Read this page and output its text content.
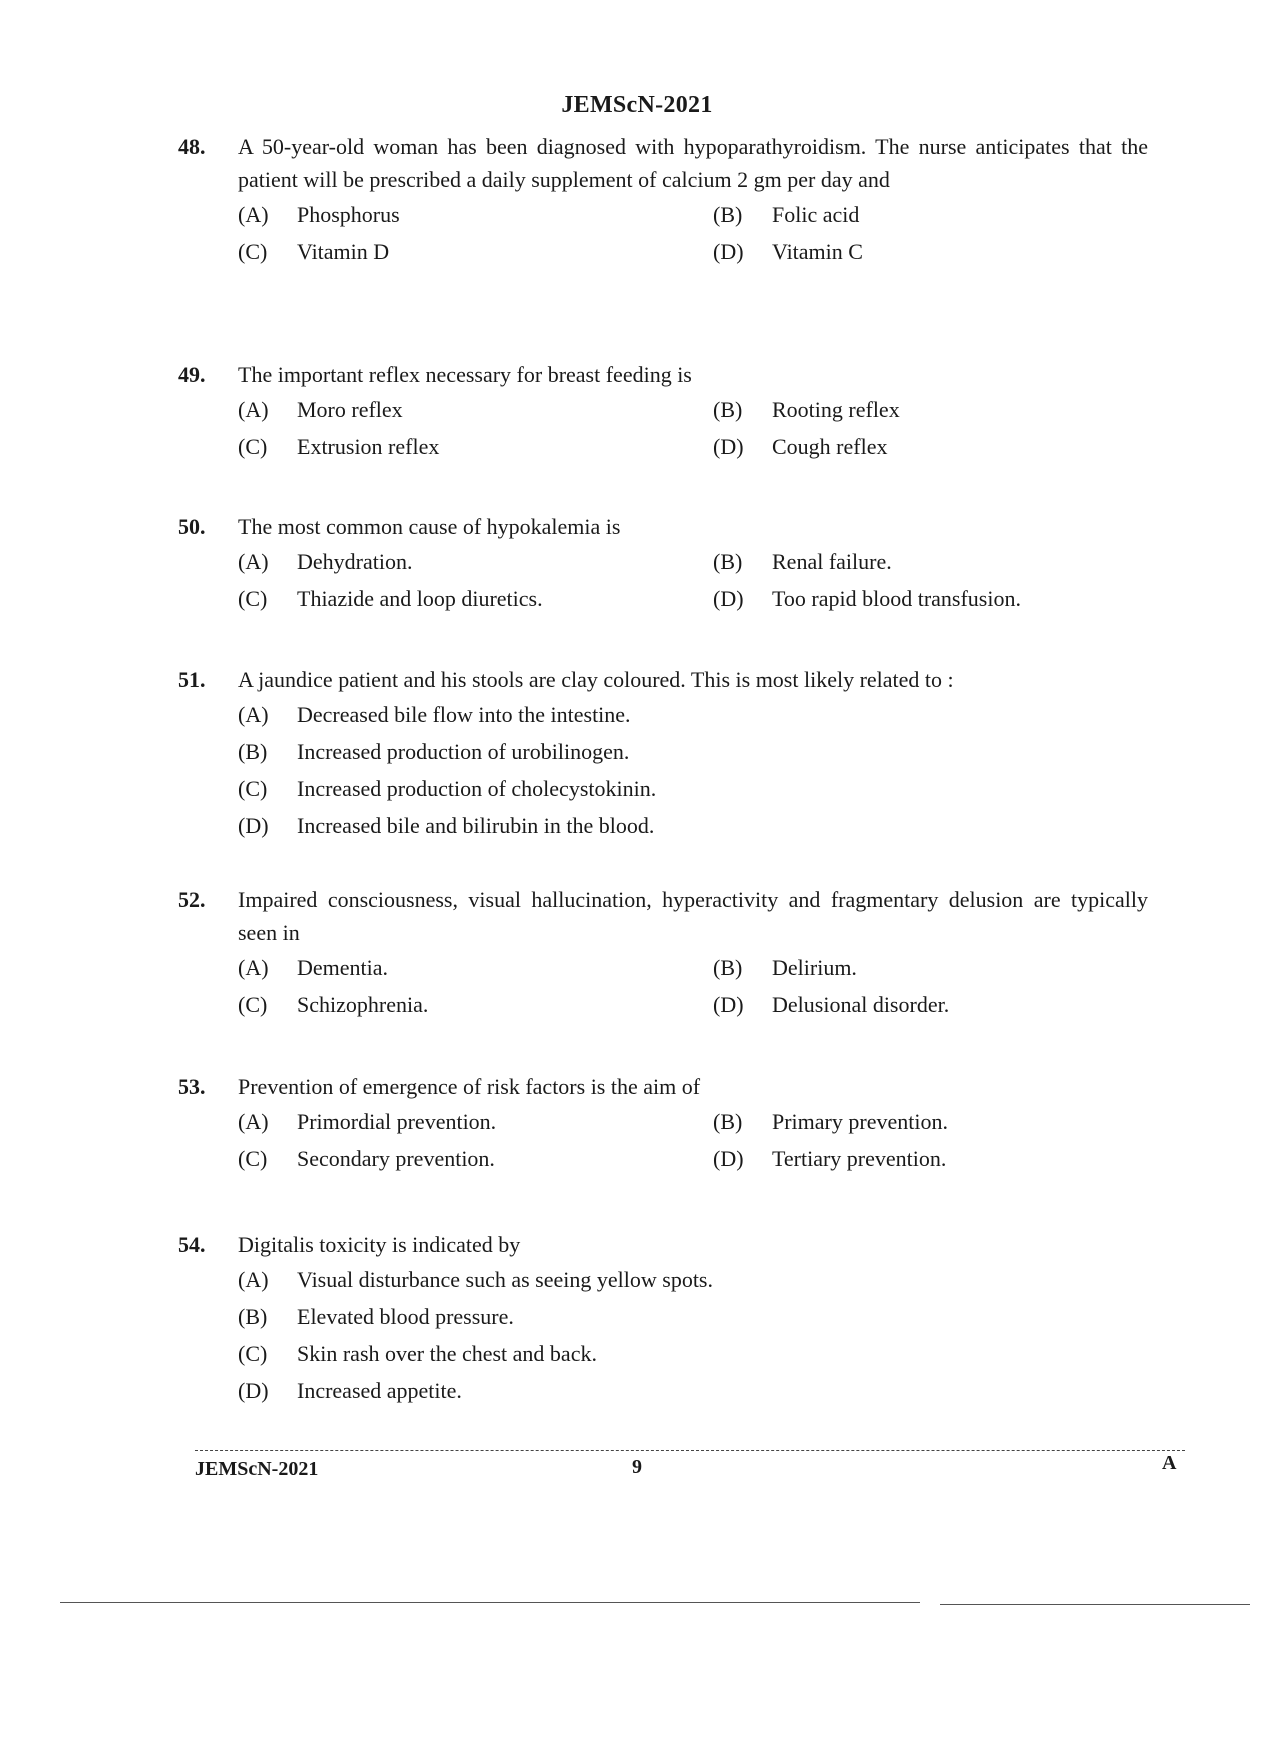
JEMScN-2021
48. A 50-year-old woman has been diagnosed with hypoparathyroidism. The nurse anticipates that the patient will be prescribed a daily supplement of calcium 2 gm per day and
(A)	Phosphorus	(B)	Folic acid
(C)	Vitamin D	(D)	Vitamin C
49. The important reflex necessary for breast feeding is
(A)	Moro reflex	(B)	Rooting reflex
(C)	Extrusion reflex	(D)	Cough reflex
50. The most common cause of hypokalemia is
(A)	Dehydration.	(B)	Renal failure.
(C)	Thiazide and loop diuretics.	(D)	Too rapid blood transfusion.
51. A jaundice patient and his stools are clay coloured. This is most likely related to :
(A)	Decreased bile flow into the intestine.
(B)	Increased production of urobilinogen.
(C)	Increased production of cholecystokinin.
(D)	Increased bile and bilirubin in the blood.
52. Impaired consciousness, visual hallucination, hyperactivity and fragmentary delusion are typically seen in
(A)	Dementia.	(B)	Delirium.
(C)	Schizophrenia.	(D)	Delusional disorder.
53. Prevention of emergence of risk factors is the aim of
(A)	Primordial prevention.	(B)	Primary prevention.
(C)	Secondary prevention.	(D)	Tertiary prevention.
54. Digitalis toxicity is indicated by
(A)	Visual disturbance such as seeing yellow spots.
(B)	Elevated blood pressure.
(C)	Skin rash over the chest and back.
(D)	Increased appetite.
JEMScN-2021	9	A
